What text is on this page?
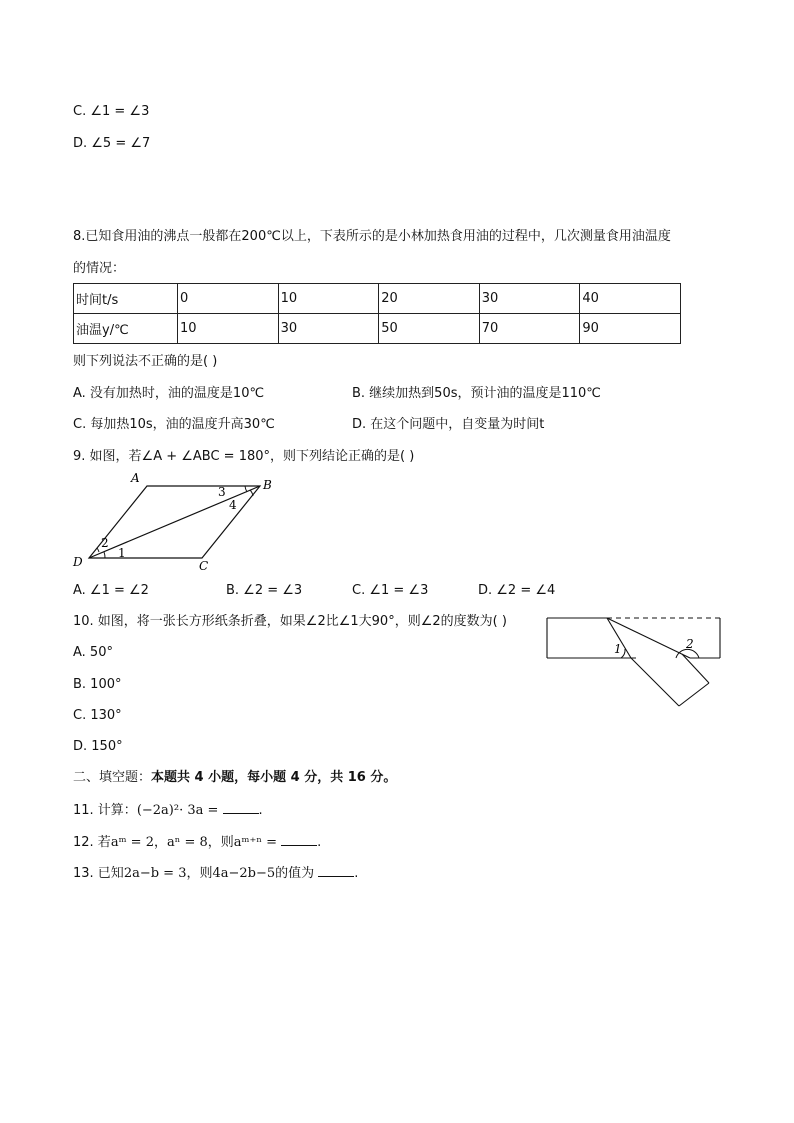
C. ∠1 = ∠3
D. ∠5 = ∠7
8.已知食用油的沸点一般都在200℃以上，下表所示的是小林加热食用油的过程中，几次测量食用油温度
的情况：
时间t/s	0	10	20	30	40
油温y/℃	10	30	50	70	90
则下列说法不正确的是( )
A. 没有加热时，油的温度是10℃	B. 继续加热到50s，预计油的温度是110℃
C. 每加热10s，油的温度升高30℃	D. 在这个问题中，自变量为时间t
9. 如图，若∠A + ∠ABC = 180°，则下列结论正确的是( )
A	B
C
D
1
2
3
4
A. ∠1 = ∠2	B. ∠2 = ∠3	C. ∠1 = ∠3	D. ∠2 = ∠4
10. 如图，将一张长方形纸条折叠，如果∠2比∠1大90°，则∠2的度数为( )
1	2
A. 50°
B. 100°
C. 130°
D. 150°
二、填空题：本题共 4 小题，每小题 4 分，共 16 分。
11. 计算：(−2a)²· 3a =	.
12. 若aᵐ = 2，aⁿ = 8，则aᵐ⁺ⁿ =	.
13. 已知2a−b = 3，则4a−2b−5的值为	.
